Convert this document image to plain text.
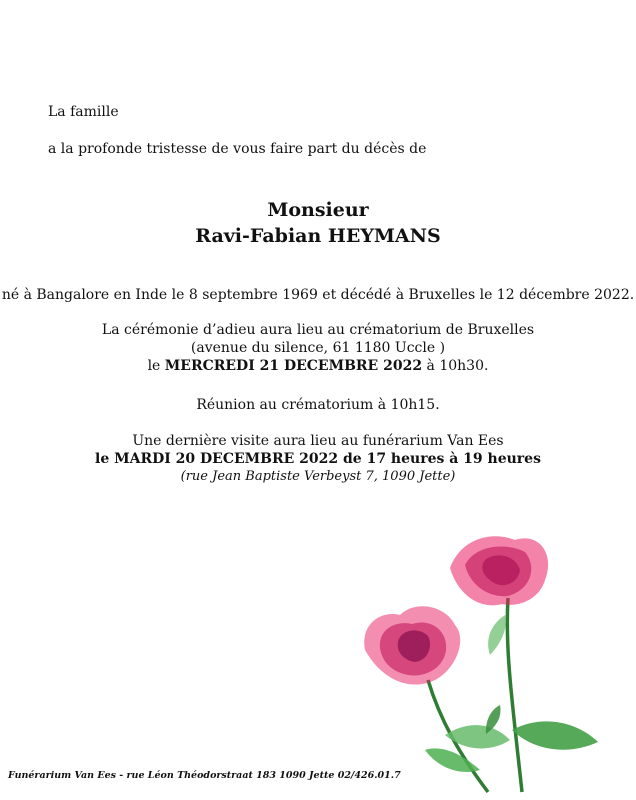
La famille
a la profonde tristesse de vous faire part du décès de
Monsieur
Ravi-Fabian HEYMANS
né à Bangalore en Inde le 8 septembre 1969 et décédé à Bruxelles le 12 décembre 2022.
La cérémonie d’adieu aura lieu au crématorium de Bruxelles
(avenue du silence, 61 1180 Uccle )
le MERCREDI 21 DECEMBRE 2022 à 10h30.
Réunion au crématorium à 10h15.
Une dernière visite aura lieu au funérarium Van Ees
le MARDI 20 DECEMBRE 2022 de 17 heures à 19 heures
(rue Jean Baptiste Verbeyst 7, 1090 Jette)
Funérarium Van Ees - rue Léon Théodorstraat 183 1090 Jette 02/426.01.7
